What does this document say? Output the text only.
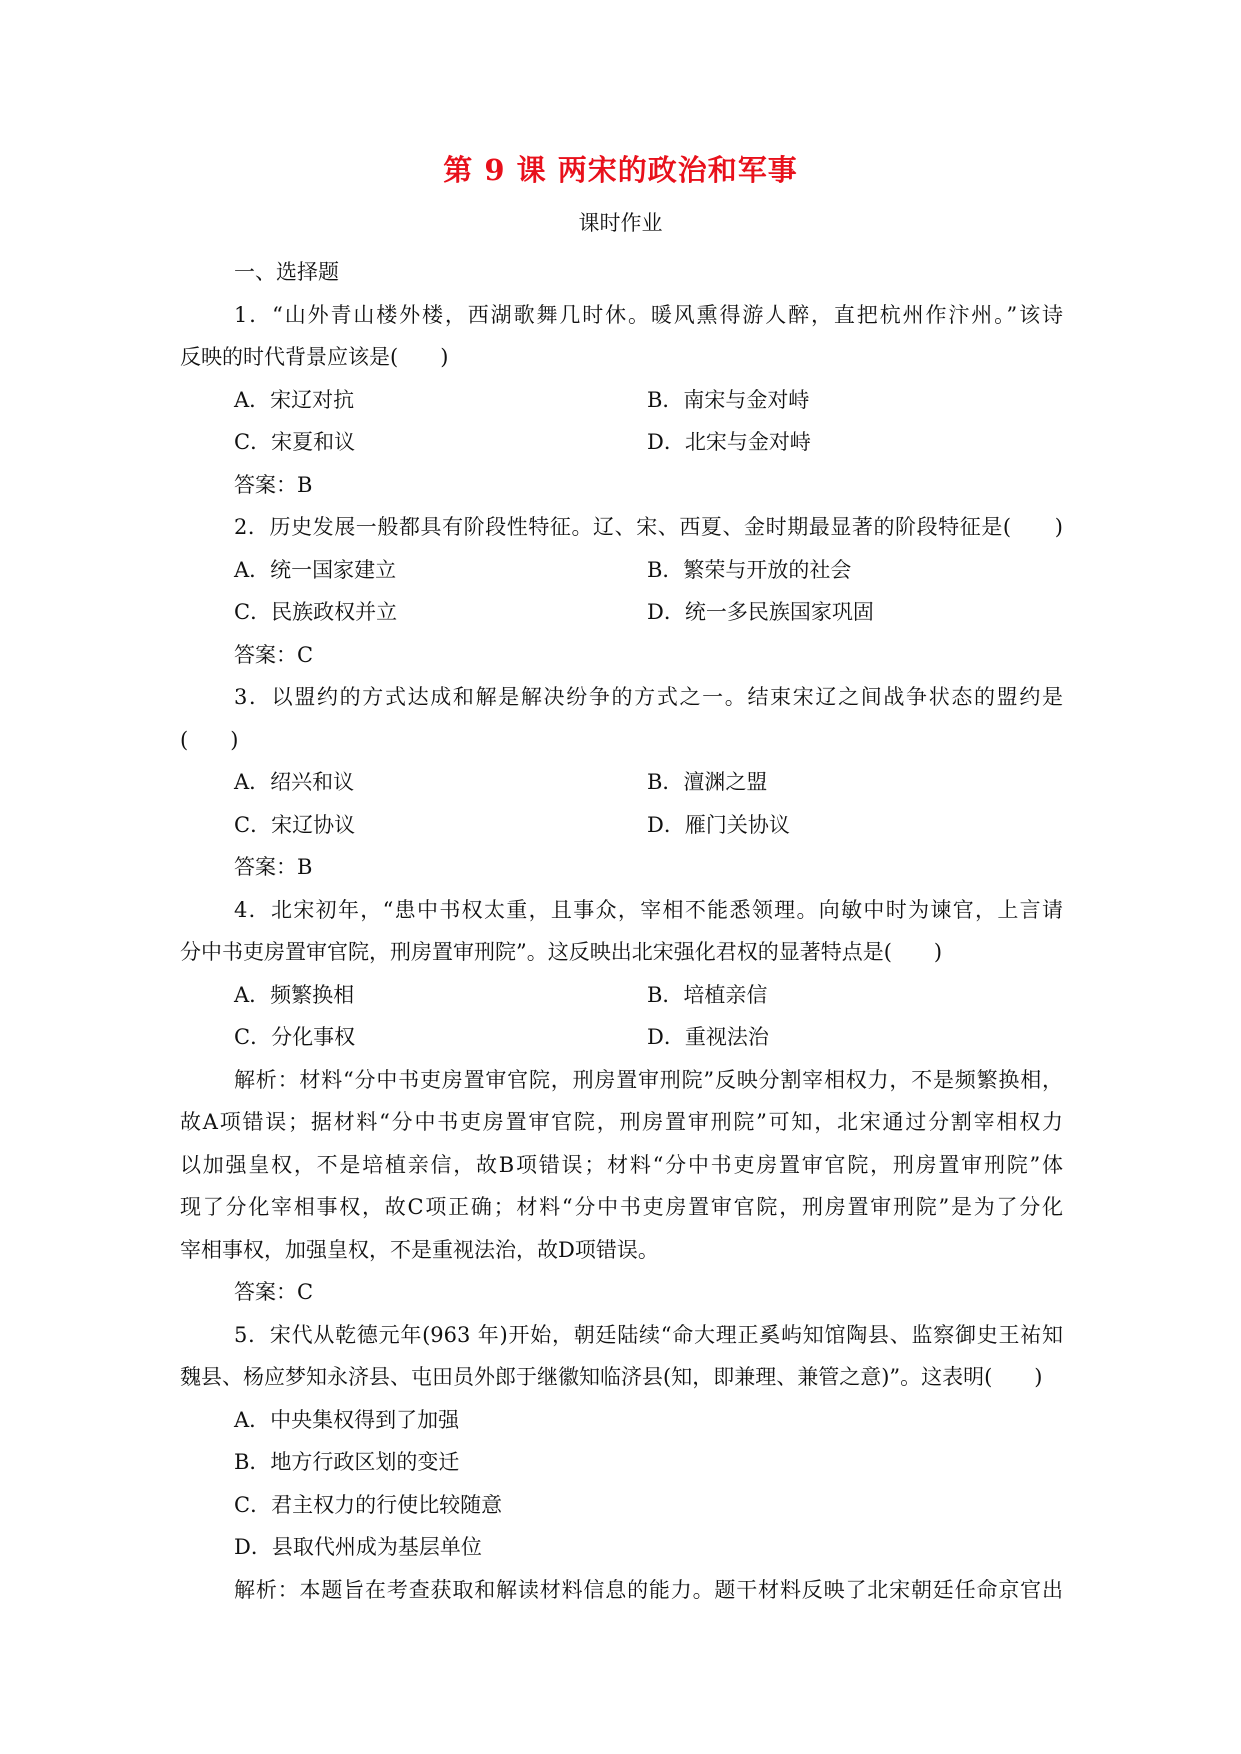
第 9 课 两宋的政治和军事
课时作业
一、选择题
1．“山外青山楼外楼，西湖歌舞几时休。暖风熏得游人醉，直把杭州作汴州。”该诗
反映的时代背景应该是(　　)
A．宋辽对抗	B．南宋与金对峙
C．宋夏和议	D．北宋与金对峙
答案：B
2．历史发展一般都具有阶段性特征。辽、宋、西夏、金时期最显著的阶段特征是(　　)
A．统一国家建立	B．繁荣与开放的社会
C．民族政权并立	D．统一多民族国家巩固
答案：C
3．以盟约的方式达成和解是解决纷争的方式之一。结束宋辽之间战争状态的盟约是
(　　)
A．绍兴和议	B．澶渊之盟
C．宋辽协议	D．雁门关协议
答案：B
4．北宋初年，“患中书权太重，且事众，宰相不能悉领理。向敏中时为谏官，上言请
分中书吏房置审官院，刑房置审刑院”。这反映出北宋强化君权的显著特点是(　　)
A．频繁换相	B．培植亲信
C．分化事权	D．重视法治
解析：材料“分中书吏房置审官院，刑房置审刑院”反映分割宰相权力，不是频繁换相，
故A项错误；据材料“分中书吏房置审官院，刑房置审刑院”可知，北宋通过分割宰相权力
以加强皇权，不是培植亲信，故B项错误；材料“分中书吏房置审官院，刑房置审刑院”体
现了分化宰相事权，故C项正确；材料“分中书吏房置审官院，刑房置审刑院”是为了分化
宰相事权，加强皇权，不是重视法治，故D项错误。
答案：C
5．宋代从乾德元年(963 年)开始，朝廷陆续“命大理正奚屿知馆陶县、监察御史王祐知
魏县、杨应梦知永济县、屯田员外郎于继徽知临济县(知，即兼理、兼管之意)”。这表明(　　)
A．中央集权得到了加强
B．地方行政区划的变迁
C．君主权力的行使比较随意
D．县取代州成为基层单位
解析：本题旨在考查获取和解读材料信息的能力。题干材料反映了北宋朝廷任命京官出
